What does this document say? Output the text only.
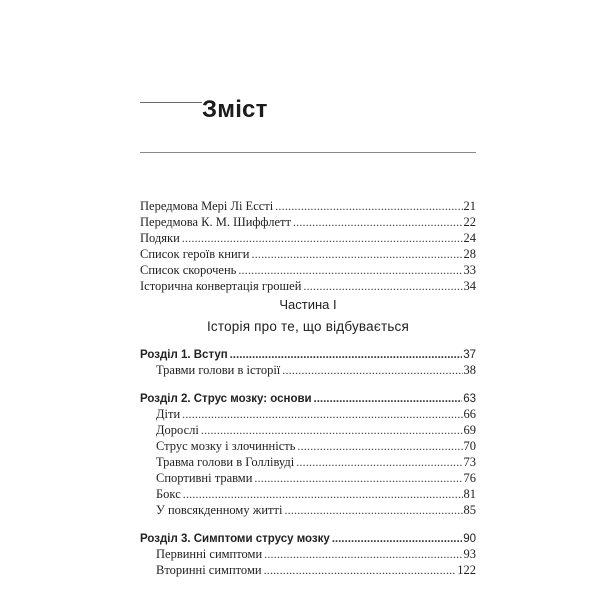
Зміст
Передмова Мері Лі Ессті . . .	21
Передмова К. М. Шиффлетт . . .	22
Подяки . . .	24
Список героїв книги . . .	28
Список скорочень . . .	33
Історична конвертація грошей . . .	34
Частина І
Історія про те, що відбувається
Розділ 1. Вступ . . .	37
Травми голови в історії . . .	38
Розділ 2. Струс мозку: основи . . .	63
Діти . . .	66
Дорослі . . .	69
Струс мозку і злочинність . . .	70
Травма голови в Голлівуді . . .	73
Спортивні травми . . .	76
Бокс . . .	81
У повсякденному житті . . .	85
Розділ 3. Симптоми струсу мозку . . .	90
Первинні симптоми . . .	93
Вторинні симптоми . . .	122
